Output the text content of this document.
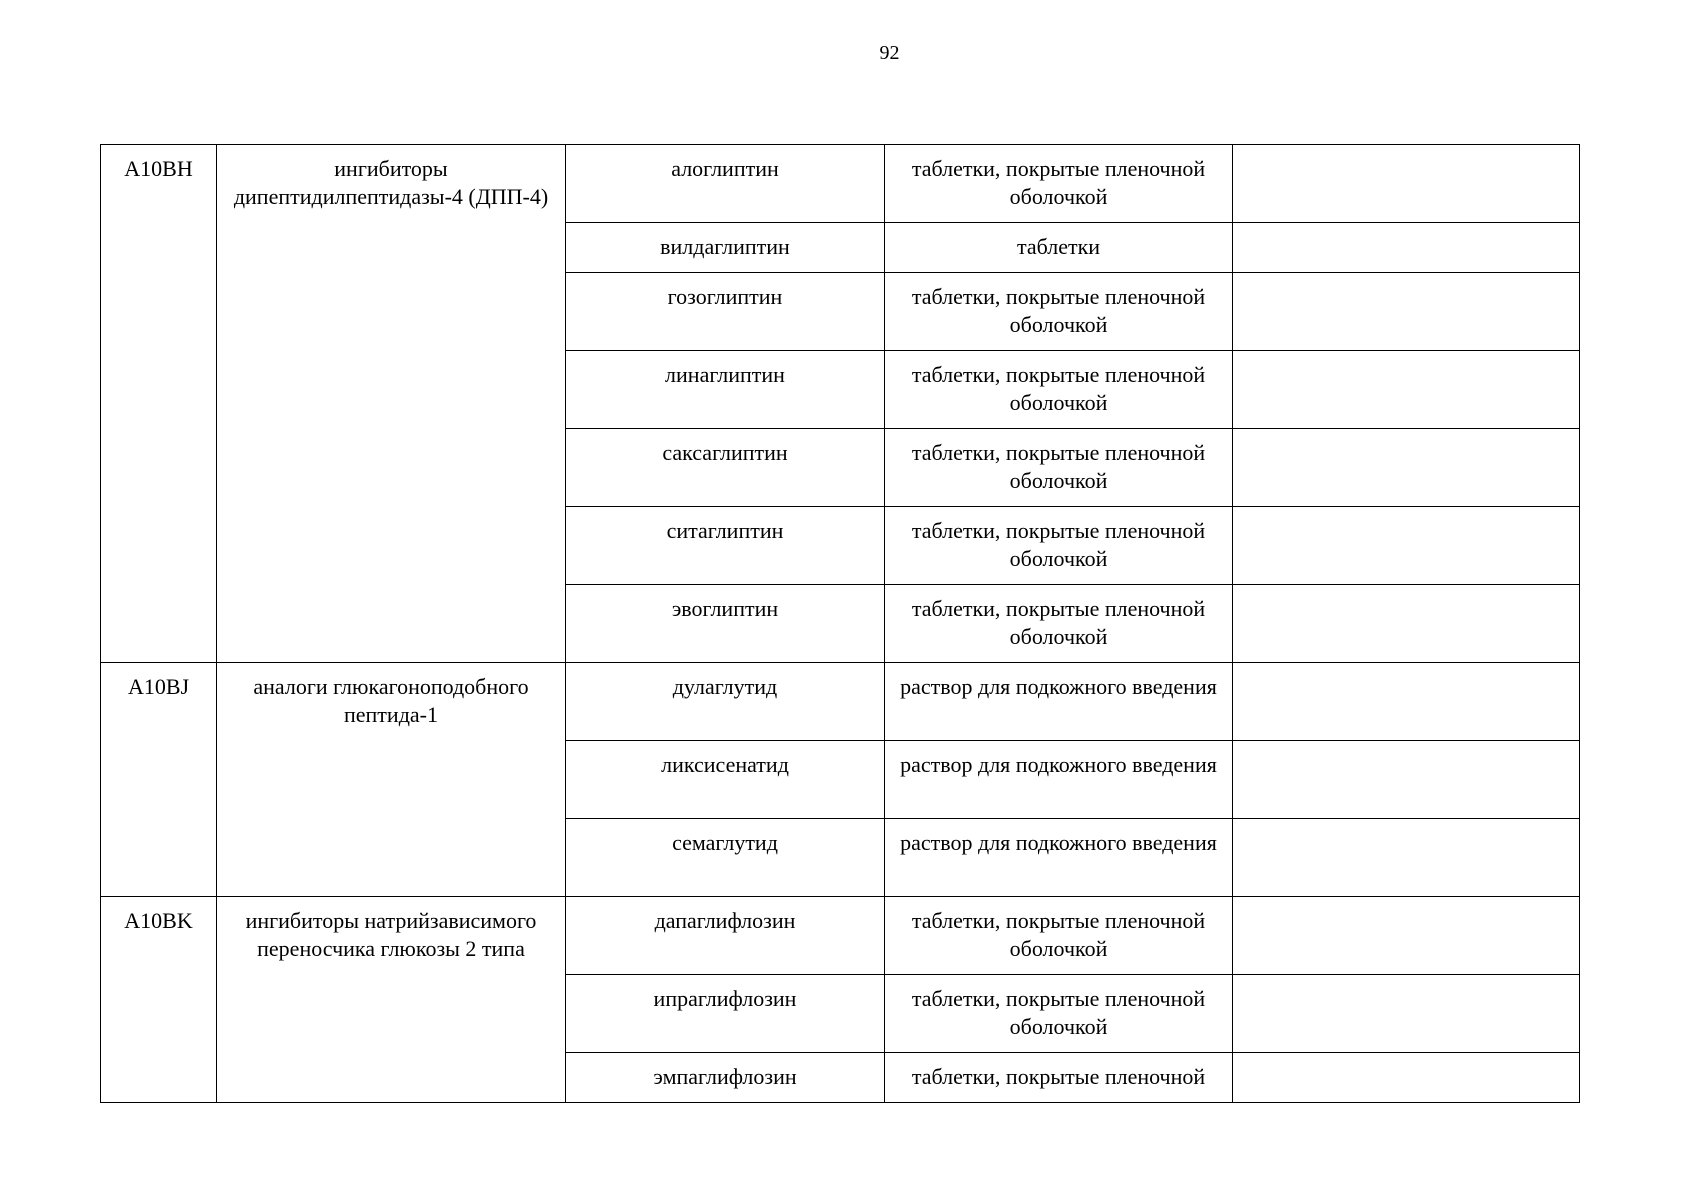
92
A10BH	ингибиторы дипептидилпептидазы-4 (ДПП-4)	алоглиптин	таблетки, покрытые пленочной оболочкой	
		вилдаглиптин	таблетки	
		гозоглиптин	таблетки, покрытые пленочной оболочкой	
		линаглиптин	таблетки, покрытые пленочной оболочкой	
		саксаглиптин	таблетки, покрытые пленочной оболочкой	
		ситаглиптин	таблетки, покрытые пленочной оболочкой	
		эвоглиптин	таблетки, покрытые пленочной оболочкой	
A10BJ	аналоги глюкагоноподобного пептида-1	дулаглутид	раствор для подкожного введения	
		ликсисенатид	раствор для подкожного введения	
		семаглутид	раствор для подкожного введения	
A10BK	ингибиторы натрийзависимого переносчика глюкозы 2 типа	дапаглифлозин	таблетки, покрытые пленочной оболочкой	
		ипраглифлозин	таблетки, покрытые пленочной оболочкой	
		эмпаглифлозин	таблетки, покрытые пленочной	
